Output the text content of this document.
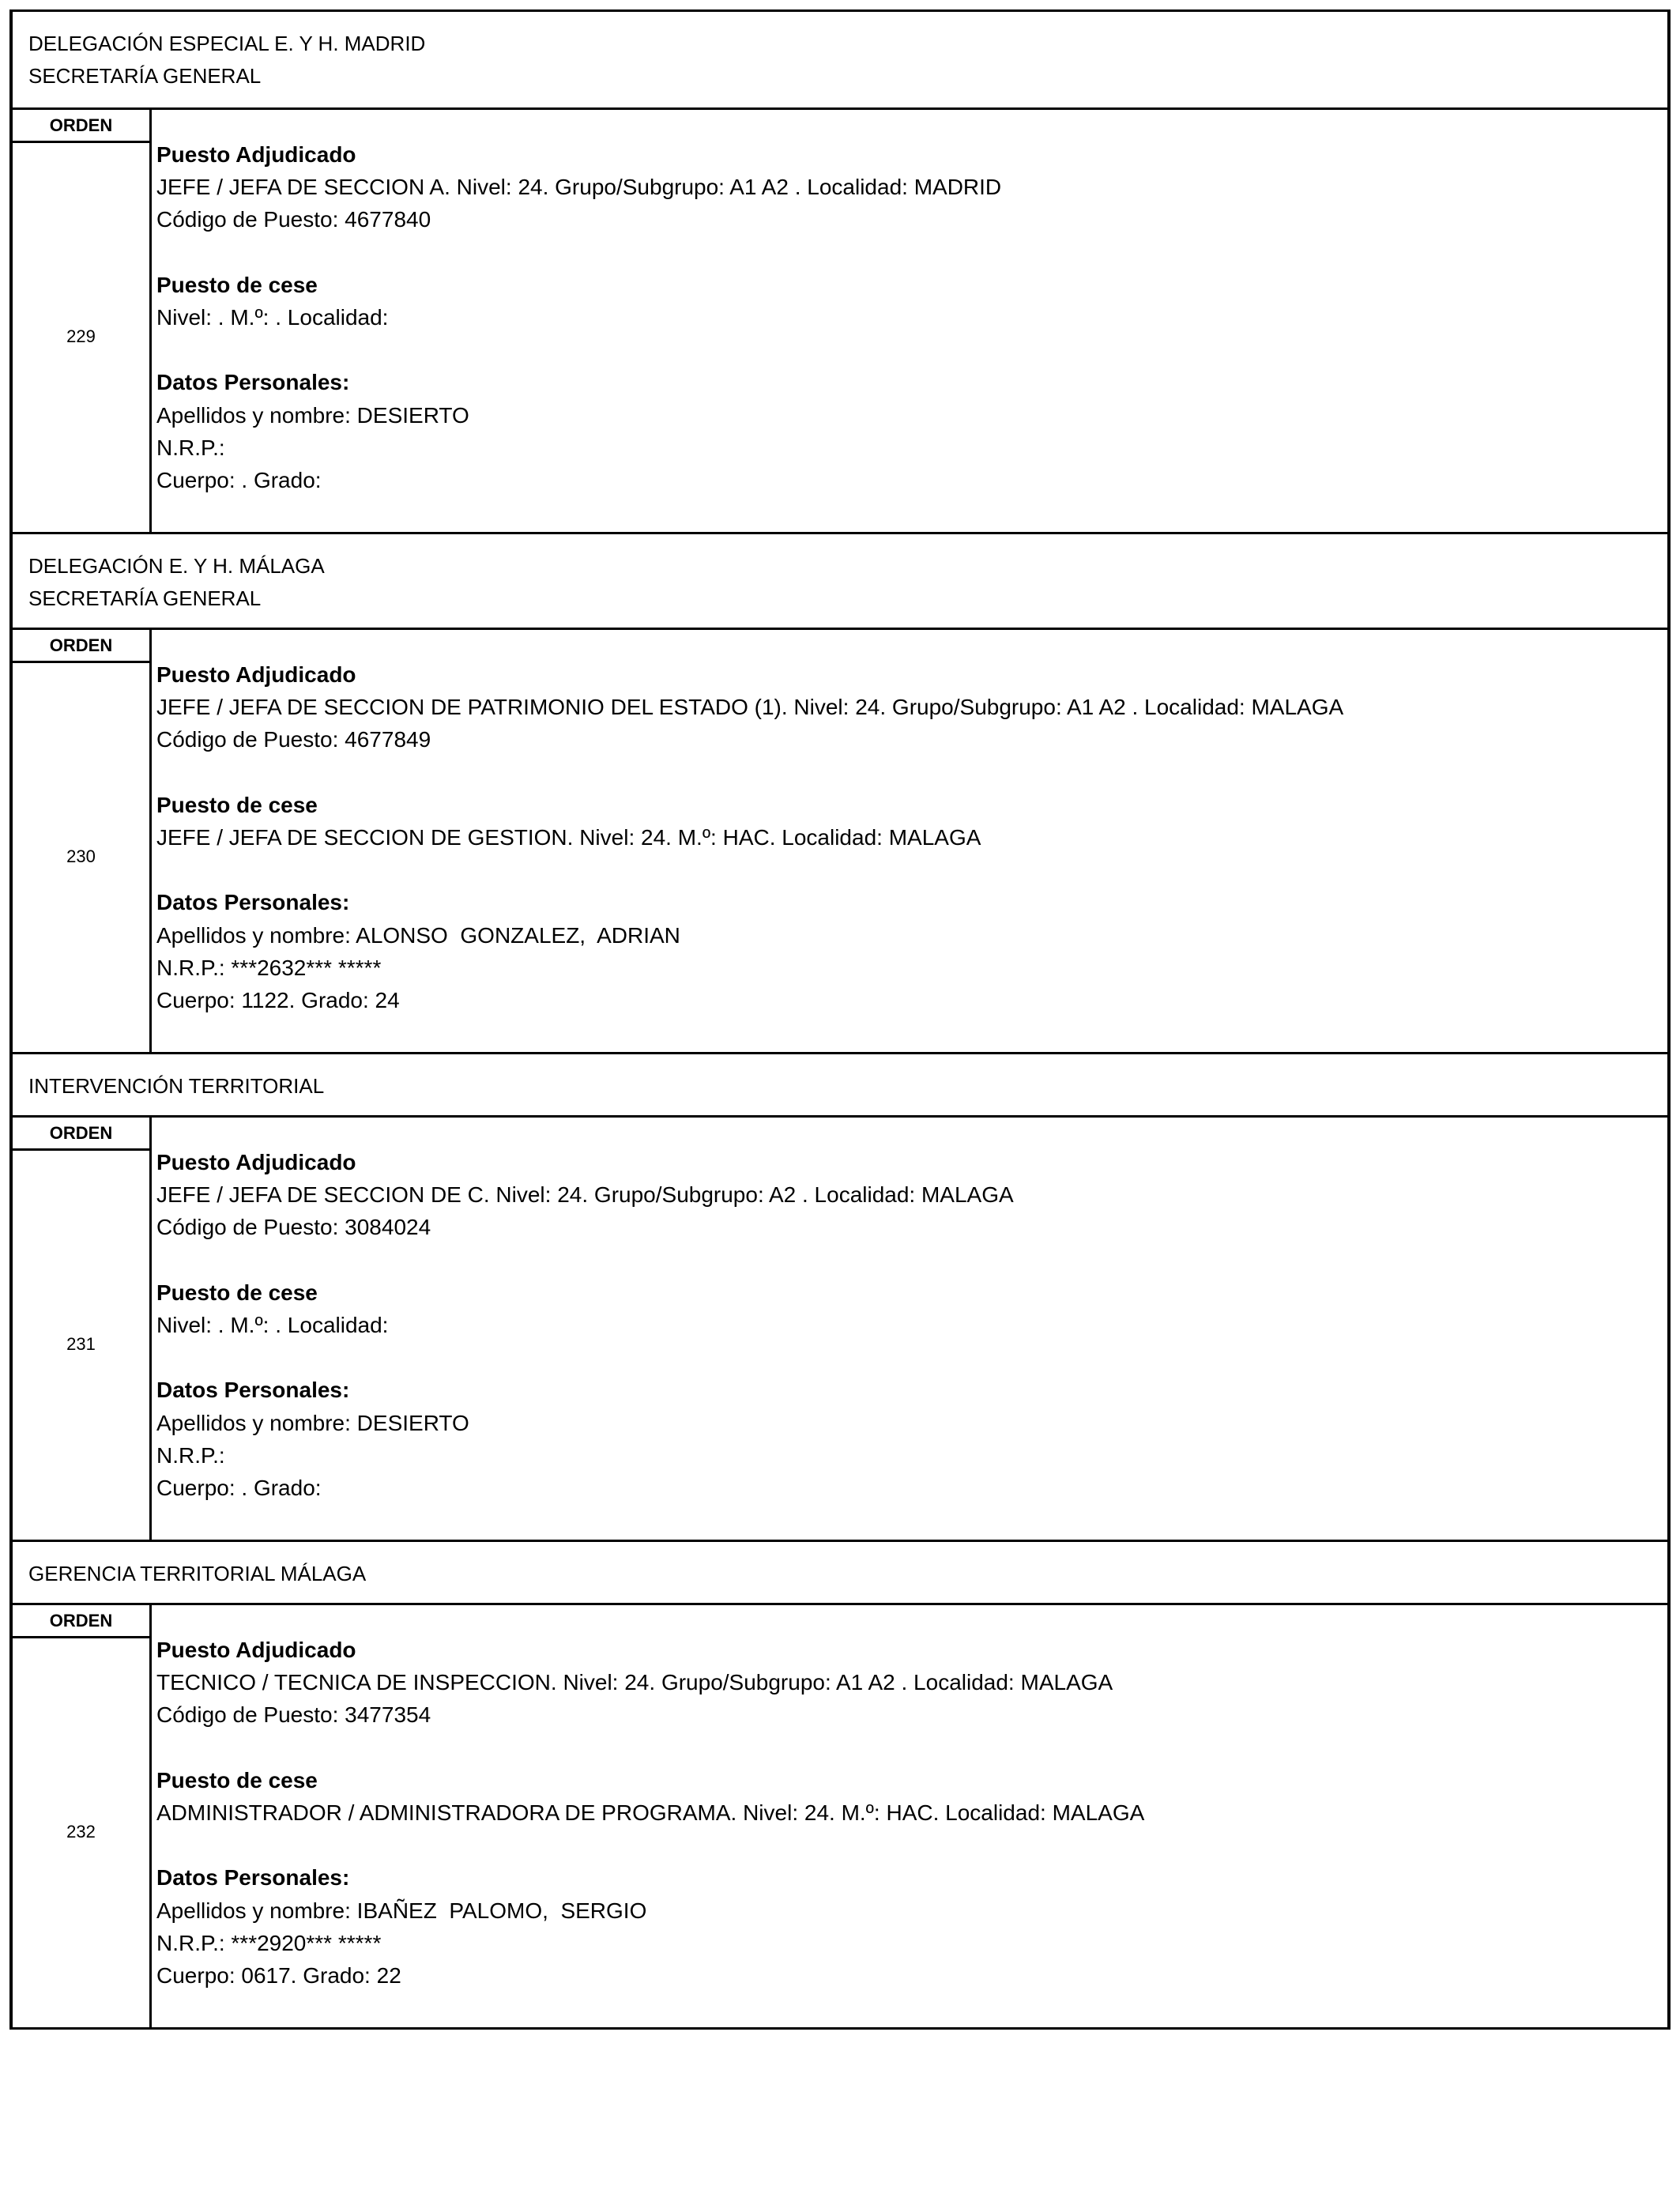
DELEGACIÓN ESPECIAL E. Y H. MADRID
SECRETARÍA GENERAL
ORDEN
229
Puesto Adjudicado
JEFE / JEFA DE SECCION A. Nivel: 24. Grupo/Subgrupo: A1 A2 . Localidad: MADRID
Código de Puesto: 4677840
Puesto de cese
Nivel: . M.º: . Localidad:
Datos Personales:
Apellidos y nombre: DESIERTO
N.R.P.:
Cuerpo: . Grado:
DELEGACIÓN E. Y H. MÁLAGA
SECRETARÍA GENERAL
ORDEN
230
Puesto Adjudicado
JEFE / JEFA DE SECCION DE PATRIMONIO DEL ESTADO (1). Nivel: 24. Grupo/Subgrupo: A1 A2 . Localidad: MALAGA
Código de Puesto: 4677849
Puesto de cese
JEFE / JEFA DE SECCION DE GESTION. Nivel: 24. M.º: HAC. Localidad: MALAGA
Datos Personales:
Apellidos y nombre: ALONSO  GONZALEZ,  ADRIAN
N.R.P.: ***2632*** *****
Cuerpo: 1122. Grado: 24
INTERVENCIÓN TERRITORIAL
ORDEN
231
Puesto Adjudicado
JEFE / JEFA DE SECCION DE C. Nivel: 24. Grupo/Subgrupo: A2 . Localidad: MALAGA
Código de Puesto: 3084024
Puesto de cese
Nivel: . M.º: . Localidad:
Datos Personales:
Apellidos y nombre: DESIERTO
N.R.P.:
Cuerpo: . Grado:
GERENCIA TERRITORIAL MÁLAGA
ORDEN
232
Puesto Adjudicado
TECNICO / TECNICA DE INSPECCION. Nivel: 24. Grupo/Subgrupo: A1 A2 . Localidad: MALAGA
Código de Puesto: 3477354
Puesto de cese
ADMINISTRADOR / ADMINISTRADORA DE PROGRAMA. Nivel: 24. M.º: HAC. Localidad: MALAGA
Datos Personales:
Apellidos y nombre: IBAÑEZ  PALOMO,  SERGIO
N.R.P.: ***2920*** *****
Cuerpo: 0617. Grado: 22
